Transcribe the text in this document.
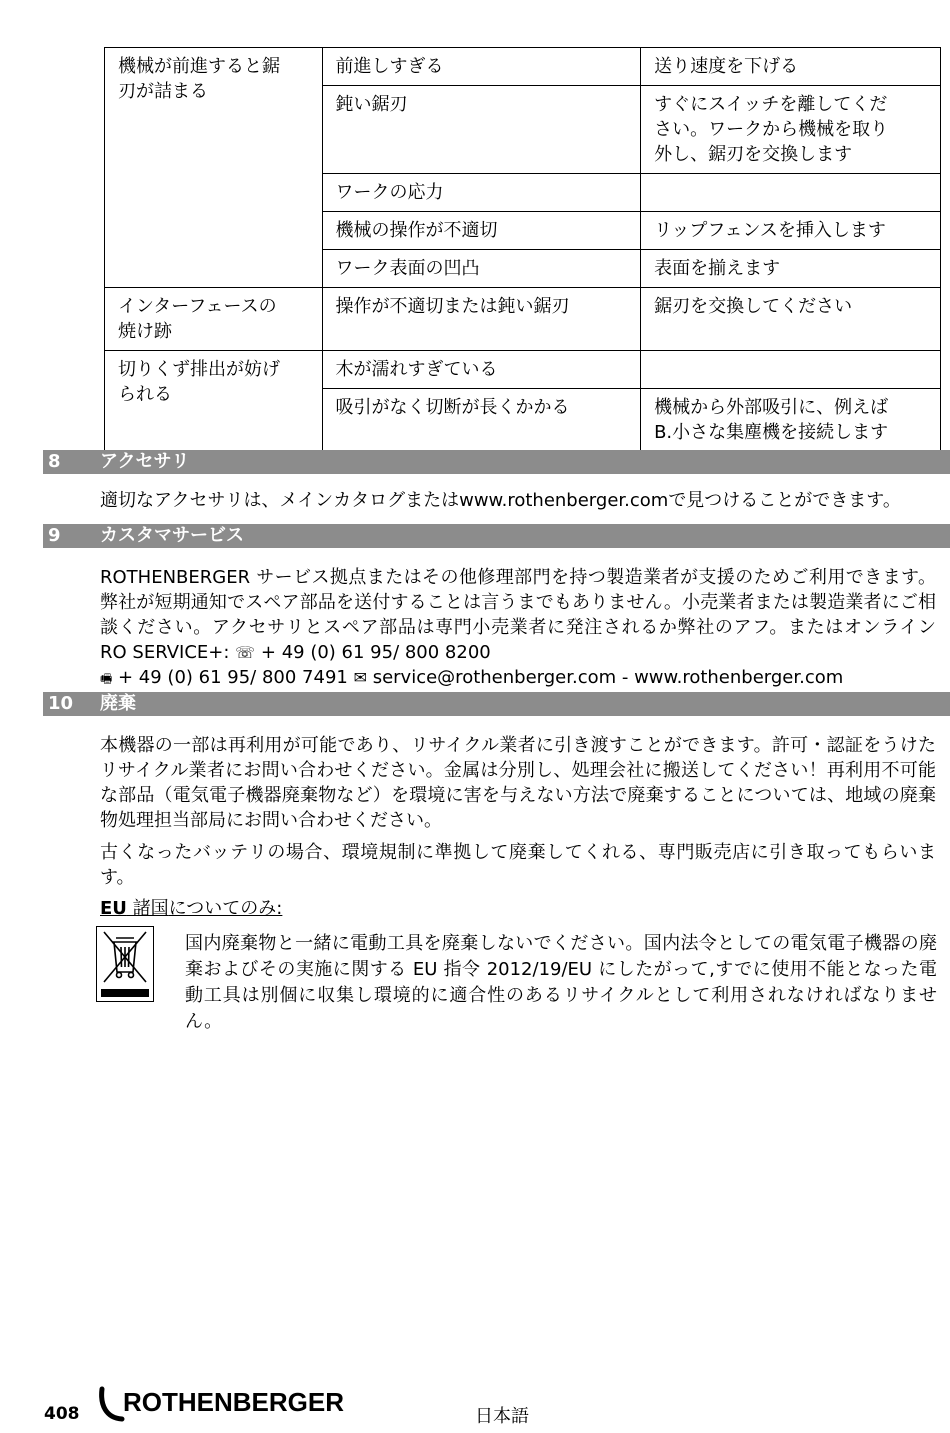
機械が前進すると鋸
刃が詰まる	前進しすぎる	送り速度を下げる
	鈍い鋸刃	すぐにスイッチを離してくだ
さい。ワークから機械を取り
外し、鋸刃を交換します
	ワークの応力	
	機械の操作が不適切	リップフェンスを挿入します
	ワーク表面の凹凸	表面を揃えます
インターフェースの
焼け跡	操作が不適切または鈍い鋸刃	鋸刃を交換してください
切りくず排出が妨げ
られる	木が濡れすぎている	
	吸引がなく切断が長くかかる	機械から外部吸引に、例えば
B.小さな集塵機を接続します
8 アクセサリ
適切なアクセサリは、メインカタログまたはwww.rothenberger.comで見つけることができます。
9 カスタマサービス
ROTHENBERGER サービス拠点またはその他修理部門を持つ製造業者が支援のためご利用できます。弊社が短期通知でスペア部品を送付することは言うまでもありません。小売業者または製造業者にご相談ください。アクセサリとスペア部品は専門小売業者に発注されるか弊社のアフ。またはオンライン RO SERVICE+: ☏ + 49 (0) 61 95/ 800 8200
🖷 + 49 (0) 61 95/ 800 7491 ✉ service@rothenberger.com - www.rothenberger.com
10 廃棄
本機器の一部は再利用が可能であり、リサイクル業者に引き渡すことができます。許可・認証をうけたリサイクル業者にお問い合わせください。金属は分別し、処理会社に搬送してください！再利用不可能な部品（電気電子機器廃棄物など）を環境に害を与えない方法で廃棄することについては、地域の廃棄物処理担当部局にお問い合わせください。
古くなったバッテリの場合、環境規制に準拠して廃棄してくれる、専門販売店に引き取ってもらいます。
EU 諸国についてのみ:
国内廃棄物と一緒に電動工具を廃棄しないでください。国内法令としての電気電子機器の廃棄およびその実施に関する EU 指令 2012/19/EU にしたがって,すでに使用不能となった電動工具は別個に収集し環境的に適合性のあるリサイクルとして利用されなければなりません。
408 ROTHENBERGER	日本語
